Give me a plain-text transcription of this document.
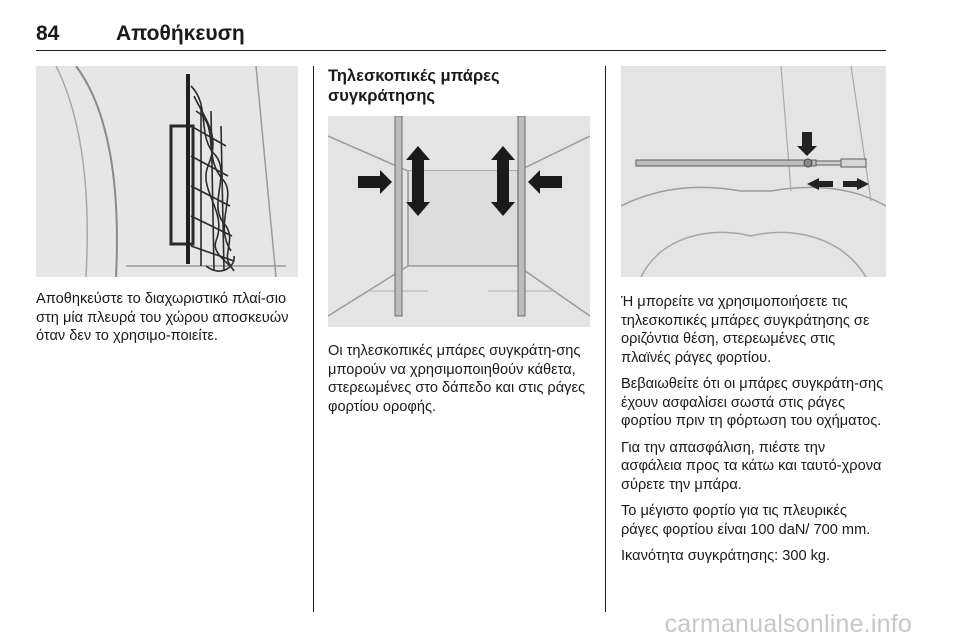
84	Αποθήκευση

Αποθηκεύστε το διαχωριστικό πλαί-σιο στη μία πλευρά του χώρου αποσκευών όταν δεν το χρησιμο-ποιείτε.

Τηλεσκοπικές μπάρες
συγκράτησης

Οι τηλεσκοπικές μπάρες συγκράτη-σης μπορούν να χρησιμοποιηθούν κάθετα, στερεωμένες στο δάπεδο και στις ράγες φορτίου οροφής.

Ή μπορείτε να χρησιμοποιήσετε τις τηλεσκοπικές μπάρες συγκράτησης σε οριζόντια θέση, στερεωμένες στις πλαϊνές ράγες φορτίου.

Βεβαιωθείτε ότι οι μπάρες συγκράτη-σης έχουν ασφαλίσει σωστά στις ράγες φορτίου πριν τη φόρτωση του οχήματος.

Για την απασφάλιση, πιέστε την ασφάλεια προς τα κάτω και ταυτό-χρονα σύρετε την μπάρα.

Το μέγιστο φορτίο για τις πλευρικές ράγες φορτίου είναι 100 daN/ 700 mm.

Ικανότητα συγκράτησης: 300 kg.

carmanualsonline.info
